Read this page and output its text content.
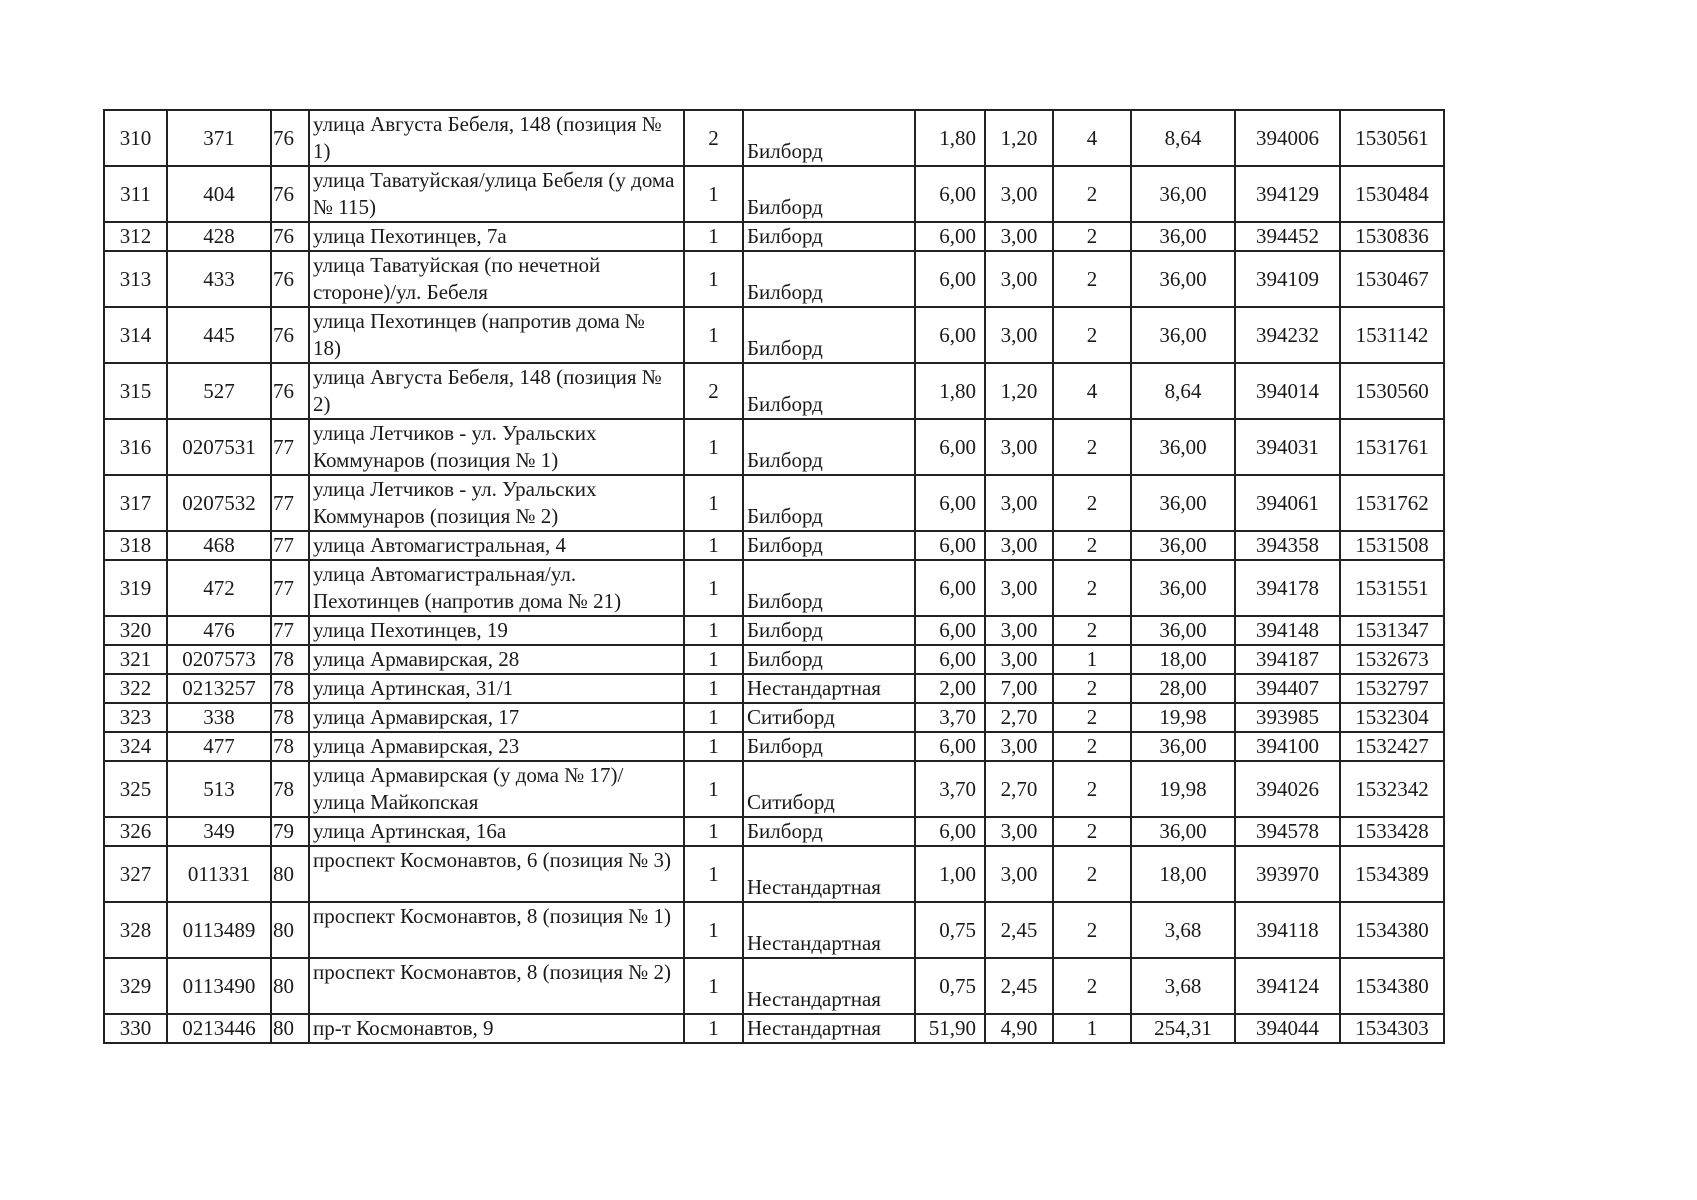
310	371	76	улица Августа Бебеля, 148 (позиция № 1)	2	Билборд	1,80	1,20	4	8,64	394006	1530561
311	404	76	улица Таватуйская/улица Бебеля (у дома № 115)	1	Билборд	6,00	3,00	2	36,00	394129	1530484
312	428	76	улица Пехотинцев, 7а	1	Билборд	6,00	3,00	2	36,00	394452	1530836
313	433	76	улица Таватуйская (по нечетной стороне)/ул. Бебеля	1	Билборд	6,00	3,00	2	36,00	394109	1530467
314	445	76	улица Пехотинцев (напротив дома № 18)	1	Билборд	6,00	3,00	2	36,00	394232	1531142
315	527	76	улица Августа Бебеля, 148 (позиция № 2)	2	Билборд	1,80	1,20	4	8,64	394014	1530560
316	0207531	77	улица Летчиков - ул. Уральских Коммунаров (позиция № 1)	1	Билборд	6,00	3,00	2	36,00	394031	1531761
317	0207532	77	улица Летчиков - ул. Уральских Коммунаров (позиция № 2)	1	Билборд	6,00	3,00	2	36,00	394061	1531762
318	468	77	улица Автомагистральная, 4	1	Билборд	6,00	3,00	2	36,00	394358	1531508
319	472	77	улица Автомагистральная/ул. Пехотинцев (напротив дома № 21)	1	Билборд	6,00	3,00	2	36,00	394178	1531551
320	476	77	улица Пехотинцев, 19	1	Билборд	6,00	3,00	2	36,00	394148	1531347
321	0207573	78	улица Армавирская, 28	1	Билборд	6,00	3,00	1	18,00	394187	1532673
322	0213257	78	улица Артинская, 31/1	1	Нестандартная	2,00	7,00	2	28,00	394407	1532797
323	338	78	улица Армавирская, 17	1	Ситиборд	3,70	2,70	2	19,98	393985	1532304
324	477	78	улица Армавирская, 23	1	Билборд	6,00	3,00	2	36,00	394100	1532427
325	513	78	улица Армавирская (у дома № 17)/ улица Майкопская	1	Ситиборд	3,70	2,70	2	19,98	394026	1532342
326	349	79	улица Артинская, 16а	1	Билборд	6,00	3,00	2	36,00	394578	1533428
327	011331	80	проспект Космонавтов, 6 (позиция № 3)	1	Нестандартная	1,00	3,00	2	18,00	393970	1534389
328	0113489	80	проспект Космонавтов, 8 (позиция № 1)	1	Нестандартная	0,75	2,45	2	3,68	394118	1534380
329	0113490	80	проспект Космонавтов, 8 (позиция № 2)	1	Нестандартная	0,75	2,45	2	3,68	394124	1534380
330	0213446	80	пр-т Космонавтов, 9	1	Нестандартная	51,90	4,90	1	254,31	394044	1534303
